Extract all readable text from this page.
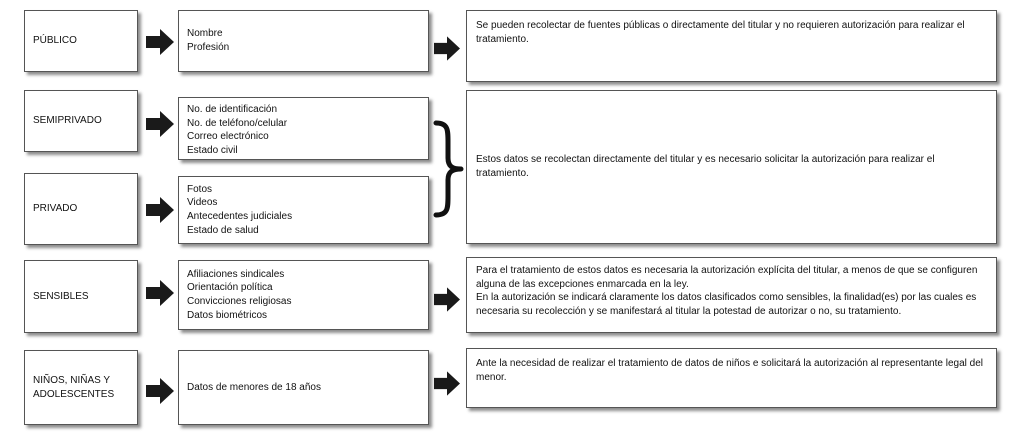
PÚBLICO
Nombre
Profesión

Se pueden recolectar de fuentes públicas o directamente del titular y no requieren autorización para realizar el tratamiento.

SEMIPRIVADO
No. de identificación
No. de teléfono/celular
Correo electrónico
Estado civil

Estos datos se recolectan directamente del titular y es necesario solicitar la autorización para realizar el tratamiento.

PRIVADO
Fotos
Videos
Antecedentes judiciales
Estado de salud
SENSIBLES
Afiliaciones sindicales
Orientación política
Convicciones religiosas
Datos biométricos

Para el tratamiento de estos datos es necesaria la autorización explícita del titular, a menos de que se configuren alguna de las excepciones enmarcada en la ley.

En la autorización se indicará claramente los datos clasificados como sensibles, la finalidad(es) por las cuales es necesaria su recolección y se manifestará al titular la potestad de autorizar o no, su tratamiento.

NIÑOS, NIÑAS Y
ADOLESCENTES
Datos de menores de 18 años

Ante la necesidad de realizar el tratamiento de datos de niños e solicitará la autorización al representante legal del menor.
